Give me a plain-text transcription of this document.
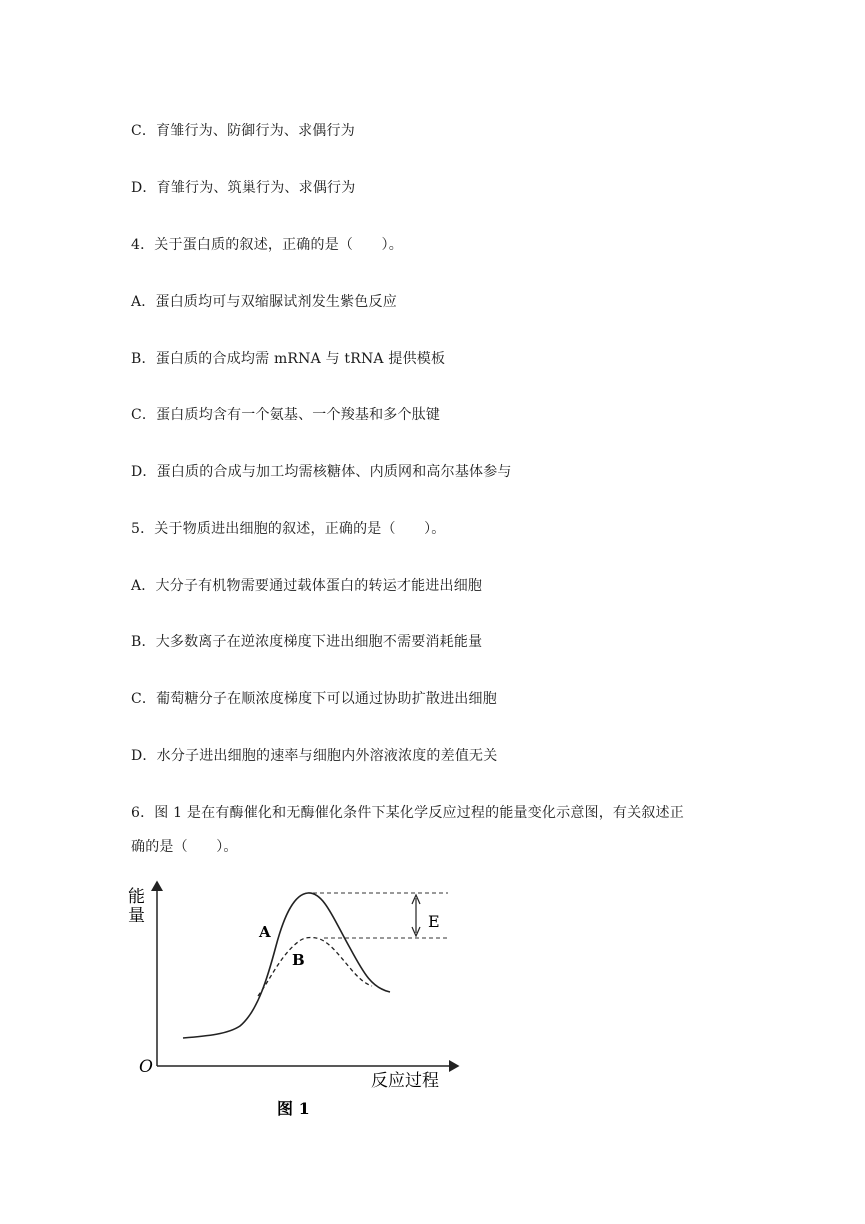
C．育雏行为、防御行为、求偶行为
D．育雏行为、筑巢行为、求偶行为
4．关于蛋白质的叙述，正确的是（　　）。
A．蛋白质均可与双缩脲试剂发生紫色反应
B．蛋白质的合成均需 mRNA 与 tRNA 提供模板
C．蛋白质均含有一个氨基、一个羧基和多个肽键
D．蛋白质的合成与加工均需核糖体、内质网和高尔基体参与
5．关于物质进出细胞的叙述，正确的是（　　）。
A．大分子有机物需要通过载体蛋白的转运才能进出细胞
B．大多数离子在逆浓度梯度下进出细胞不需要消耗能量
C．葡萄糖分子在顺浓度梯度下可以通过协助扩散进出细胞
D．水分子进出细胞的速率与细胞内外溶液浓度的差值无关
6．图 1 是在有酶催化和无酶催化条件下某化学反应过程的能量变化示意图，有关叙述正
确的是（　　）。
能
量
O
反应过程
A
B
E
图 1
